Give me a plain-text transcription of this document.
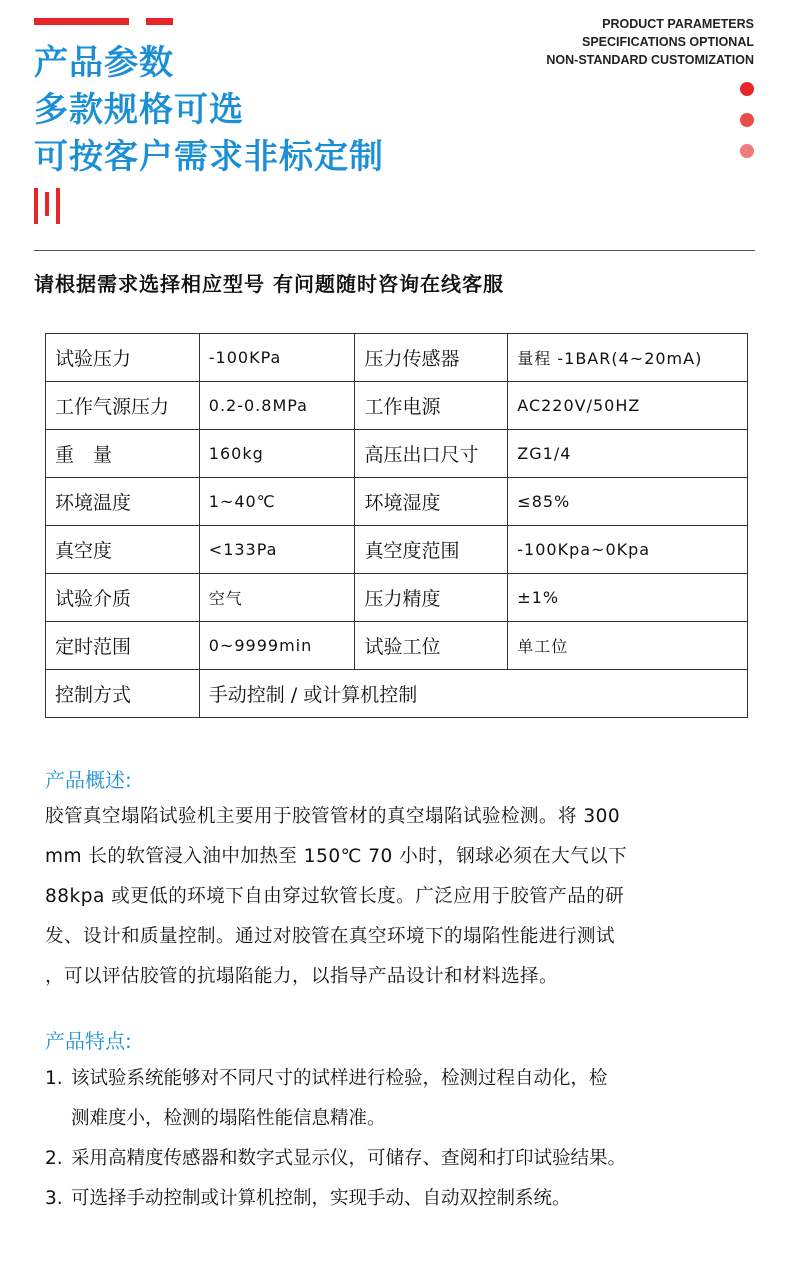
产品参数
多款规格可选
可按客户需求非标定制
PRODUCT PARAMETERS
SPECIFICATIONS OPTIONAL
NON-STANDARD CUSTOMIZATION
请根据需求选择相应型号 有问题随时咨询在线客服
试验压力	-100KPa	压力传感器	量程 -1BAR(4~20mA)
工作气源压力	0.2-0.8MPa	工作电源	AC220V/50HZ
重　量	160kg	高压出口尺寸	ZG1/4
环境温度	1~40℃	环境湿度	≤85%
真空度	<133Pa	真空度范围	-100Kpa~0Kpa
试验介质	空气	压力精度	±1%
定时范围	0~9999min	试验工位	单工位
控制方式	手动控制 / 或计算机控制		
产品概述:
胶管真空塌陷试验机主要用于胶管管材的真空塌陷试验检测。将 300
mm 长的软管浸入油中加热至 150℃ 70 小时，钢球必须在大气以下
88kpa 或更低的环境下自由穿过软管长度。广泛应用于胶管产品的研
发、设计和质量控制。通过对胶管在真空环境下的塌陷性能进行测试
，可以评估胶管的抗塌陷能力，以指导产品设计和材料选择。
产品特点:
1. 该试验系统能够对不同尺寸的试样进行检验，检测过程自动化，检
测难度小，检测的塌陷性能信息精准。
2. 采用高精度传感器和数字式显示仪，可储存、查阅和打印试验结果。
3. 可选择手动控制或计算机控制，实现手动、自动双控制系统。
